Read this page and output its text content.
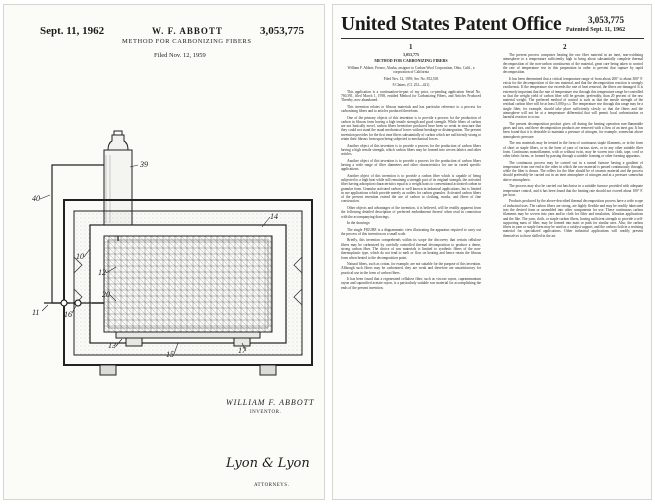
Sept. 11, 1962	W. F. ABBOTT	3,053,775
METHOD FOR CARBONIZING FIBERS
Filed Nov. 12, 1959
39
40
10
14
12
11	16
13
17
20
15
WILLIAM F. ABBOTT
INVENTOR.
Lyon & Lyon
ATTORNEYS.
United States Patent Office	3,053,775
Patented Sept. 11, 1962
1	2

3,053,775

METHOD FOR CARBONIZING FIBERS

William F. Abbott, Fresno, Alaska, assignor to Carbon Wool Corporation, Ohio, Calif., a corporation of California

Filed Nov. 12, 1959, Ser. No. 852,503

8 Claims. (Cl. 252—421)

This application is a continuation-in-part of my prior, co-pending application Serial No. 760,391, filed March 1, 1958, entitled Method for Carbonizing Fibers, and Articles Produced Thereby, now abandoned.

This invention relates to fibrous materials and has particular reference to a process for carbonizing fibers and to articles produced therefrom.

One of the primary objects of this invention is to provide a process for the production of carbon in fibrous form having a high tensile strength and good strength. While fibers of carbon are not basically novel, carbon fibers heretofore produced have been so weak in structure that they could not stand the usual mechanical forces without breakage or disintegration. The present invention provides for the first time fibers substantially of carbon which are sufficiently strong to retain their fibrous form upon being subjected to mechanical forces.

Another object of this invention is to provide a process for the production of carbon fibers having a high tensile strength, which carbon fibers may be formed into woven fabrics and other articles.

Another object of this invention is to provide a process for the production of carbon fibers having a wide range of fiber diameters and other characteristics for use in varied specific applications.

Another object of this invention is to provide a carbon fiber which is capable of being subjected to a high heat while still remaining a strength part of its original strength, the activated fiber having adsorption characteristics equal to a weight basis to conventional activated carbon in granular form. Granular activated carbon is well known in industrial applications, but is limited in use applications which provide merely as outlets for carbon granules. Activated carbon fibers of the present invention extend the use of carbon to clothing, masks, and fibers of fine construction.

Other objects and advantages of the invention, it is believed, will be readily apparent from the following detailed description of preferred embodiments thereof when read in connection with the accompanying drawings.

In the drawings:

The single FIGURE is a diagrammatic view illustrating the apparatus required to carry out the process of this invention on a small scale.

Briefly, this invention comprehends within its scope the discovery that certain cellulose fibers may be carbonized by carefully controlled thermal decomposition to produce a dense, strong carbon fiber. The choice of raw materials is limited to synthetic fibers of the non-thermoplastic type, which do not tend to melt or flow on heating and hence retain the fibrous form when heated to the decomposition point.

Natural fibers, such as cotton, for example, are not suitable for the purpose of this invention. Although such fibers may be carbonized, they are weak and therefore are unsatisfactory for practical use in the form of carbon fibers.

It has been found that a regenerated cellulose fiber, such as viscose rayon, cuprammonium rayon and saponified acetate rayon, is a particularly suitable raw material for accomplishing the ends of the present invention.

The present process comprises heating the raw fiber material in an inert, non-oxidizing atmosphere to a temperature sufficiently high to bring about substantially complete thermal decomposition of the non-carbon constituents of the material, great care being taken to control the rate of temperature rise in this preparation in order to prevent that rupture by rapid decomposition.

It has been determined that a critical temperature range of from about 200° to about 300° F. exists for the decomposition of the raw material, and that the decomposition reaction is strongly exothermic. If the temperature rise exceeds the rate of heat removal, the fibers are damaged. It is extremely important that the rate of temperature rise through this temperature range be controlled so that the weight yield of carbon fiber will be greater, preferably, than 20 percent of the raw material weight. The preferred method of control is such as that the tensile strength of the residual carbon fiber will be at least 5,000 p.s.i. The temperature rise through this range may be a single fiber, for example, should take place sufficiently slowly so that the fibers and the atmosphere will not be at a temperature differential that will permit local carbonization or harmful reaction to occur.

The present decomposition product gives off during the heating operation non-flammable gases and tars, and these decomposition products are removed with a flow of an inert gas. It has been found that it is desirable to maintain a pressure of nitrogen, for example, somewhat above atmospheric pressure.

The raw materials may be treated in the form of continuous staple filaments, or in the form of short or staple fibers, or in the form of yarn of various sizes, or in any other suitable fiber form. Continuous monofilament, with or without twist, may be woven into cloth, tape, cord or other fabric forms, or formed by passing through a suitable forming or other forming apparatus.

The continuous process may be carried out in a tunnel furnace having a gradient of temperature from one end to the other in which the raw material is passed continuously through, while the fiber is drawn. The rollers for the fiber should be of ceramic material and the process should preferably be carried out in an inert atmosphere of nitrogen and at a pressure somewhat above atmospheric.

The process may also be carried out batchwise in a suitable furnace provided with adequate temperature control, and it has been found that the heating rate should not exceed about 100° F. per hour.

Products produced by the above-described thermal decomposition process have a wide scope of industrial uses. The carbon fibers are strong, are highly flexible and may be readily fabricated into the desired form or assembled into other components for use. These continuous carbon filaments may be woven into yarn and/or cloth for filter and insulation, filtration applications and the like. The yarn, cloth, or staple carbon fibers, having sufficient strength to provide a self-supporting mass of fiber, may be formed into mats or pads for similar uses. Also, the carbon fibers in yarn or staple form may be used as a catalyst support, and the carbon cloth in a resisting material for specialized applications. Other industrial applications will readily present themselves to those skilled in the art.
